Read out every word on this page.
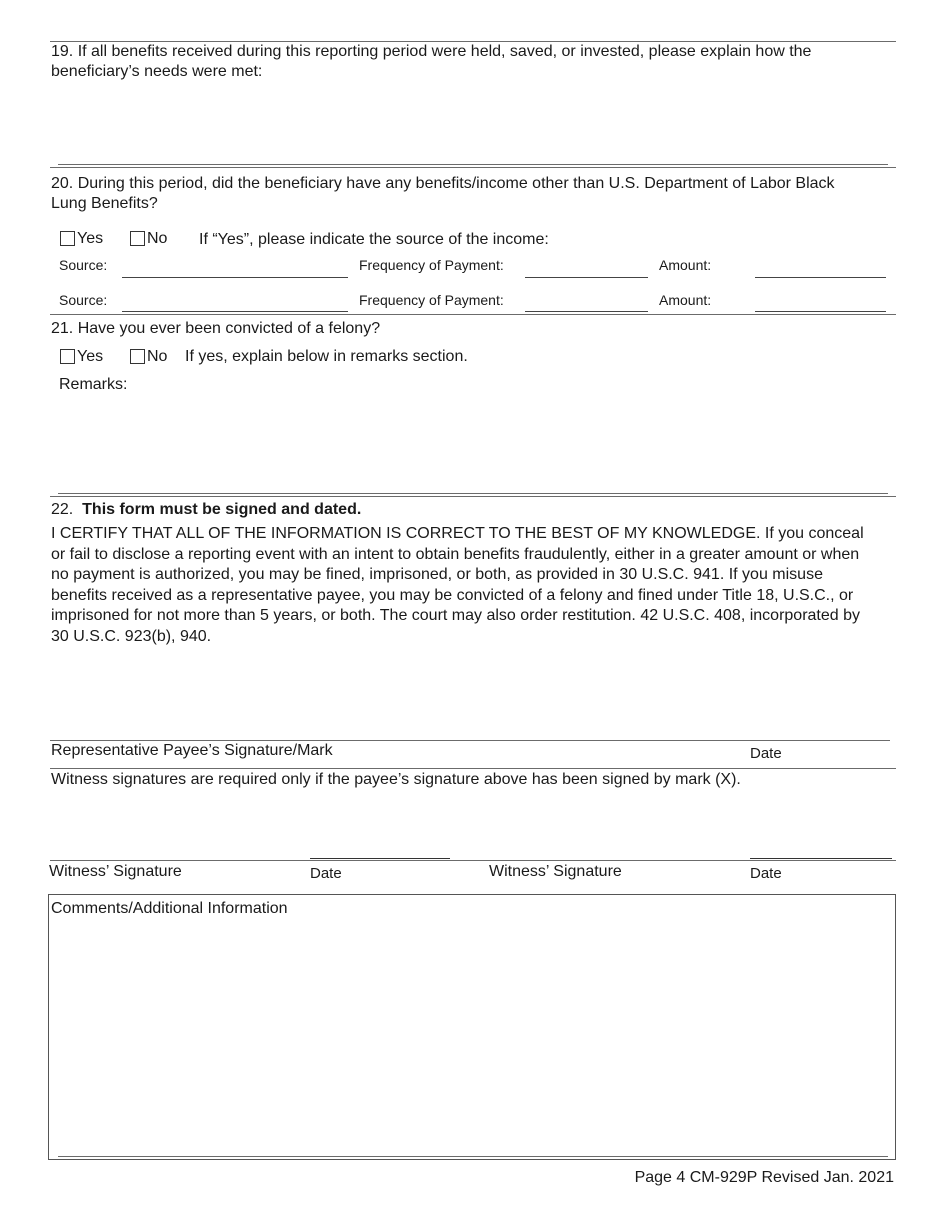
19. If all benefits received during this reporting period were held, saved, or invested, please explain how the beneficiary’s needs were met:
20. During this period, did the beneficiary have any benefits/income other than U.S. Department of Labor Black Lung Benefits?
Yes	No If “Yes”, please indicate the source of the income:
Source:	Frequency of Payment:	Amount:
Source:	Frequency of Payment:	Amount:
21. Have you ever been convicted of a felony?
Yes	No If yes, explain below in remarks section.
Remarks:
22. This form must be signed and dated.
I CERTIFY THAT ALL OF THE INFORMATION IS CORRECT TO THE BEST OF MY KNOWLEDGE. If you conceal or fail to disclose a reporting event with an intent to obtain benefits fraudulently, either in a greater amount or when no payment is authorized, you may be fined, imprisoned, or both, as provided in 30 U.S.C. 941. If you misuse benefits received as a representative payee, you may be convicted of a felony and fined under Title 18, U.S.C., or imprisoned for not more than 5 years, or both. The court may also order restitution. 42 U.S.C. 408, incorporated by 30 U.S.C. 923(b), 940.
Representative Payee’s Signature/Mark	Date
Witness signatures are required only if the payee’s signature above has been signed by mark (X).
Witness’ Signature	Date	Witness’ Signature	Date
Comments/Additional Information
Page 4 CM-929P Revised Jan. 2021
